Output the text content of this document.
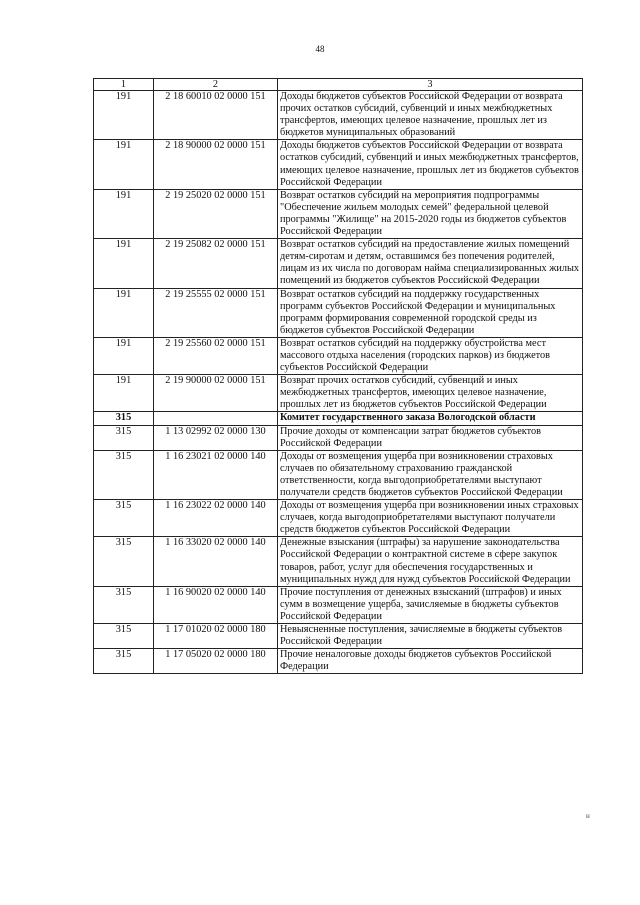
48
1	2	3
191	2 18 60010 02 0000 151	Доходы бюджетов субъектов Российской Федерации от возврата прочих остатков субсидий, субвенций и иных межбюджетных трансфертов, имеющих целевое назначение, прошлых лет из бюджетов муниципальных образований
191	2 18 90000 02 0000 151	Доходы бюджетов субъектов Российской Федерации от возврата остатков субсидий, субвенций и иных межбюджетных трансфертов, имеющих целевое назначение, прошлых лет из бюджетов субъектов Российской Федерации
191	2 19 25020 02 0000 151	Возврат остатков субсидий на мероприятия подпрограммы "Обеспечение жильем молодых семей" федеральной целевой программы "Жилище" на 2015-2020 годы из бюджетов субъектов Российской Федерации
191	2 19 25082 02 0000 151	Возврат остатков субсидий на предоставление жилых помещений детям-сиротам и детям, оставшимся без попечения родителей, лицам из их числа по договорам найма специализированных жилых помещений из бюджетов субъектов Российской Федерации
191	2 19 25555 02 0000 151	Возврат остатков субсидий на поддержку государственных программ субъектов Российской Федерации и муниципальных программ формирования современной городской среды из бюджетов субъектов Российской Федерации
191	2 19 25560 02 0000 151	Возврат остатков субсидий на поддержку обустройства мест массового отдыха населения (городских парков) из бюджетов субъектов Российской Федерации
191	2 19 90000 02 0000 151	Возврат прочих остатков субсидий, субвенций и иных межбюджетных трансфертов, имеющих целевое назначение, прошлых лет из бюджетов субъектов Российской Федерации
315		Комитет государственного заказа Вологодской области
315	1 13 02992 02 0000 130	Прочие доходы от компенсации затрат бюджетов субъектов Российской Федерации
315	1 16 23021 02 0000 140	Доходы от возмещения ущерба при возникновении страховых случаев по обязательному страхованию гражданской ответственности, когда выгодоприобретателями выступают получатели средств бюджетов субъектов Российской Федерации
315	1 16 23022 02 0000 140	Доходы от возмещения ущерба при возникновении иных страховых случаев, когда выгодоприобретателями выступают получатели средств бюджетов субъектов Российской Федерации
315	1 16 33020 02 0000 140	Денежные взыскания (штрафы) за нарушение законодательства Российской Федерации о контрактной системе в сфере закупок товаров, работ, услуг для обеспечения государственных и муниципальных нужд для нужд субъектов Российской Федерации
315	1 16 90020 02 0000 140	Прочие поступления от денежных взысканий (штрафов) и иных сумм в возмещение ущерба, зачисляемые в бюджеты субъектов Российской Федерации
315	1 17 01020 02 0000 180	Невыясненные поступления, зачисляемые в бюджеты субъектов Российской Федерации
315	1 17 05020 02 0000 180	Прочие неналоговые доходы бюджетов субъектов Российской Федерации
н
